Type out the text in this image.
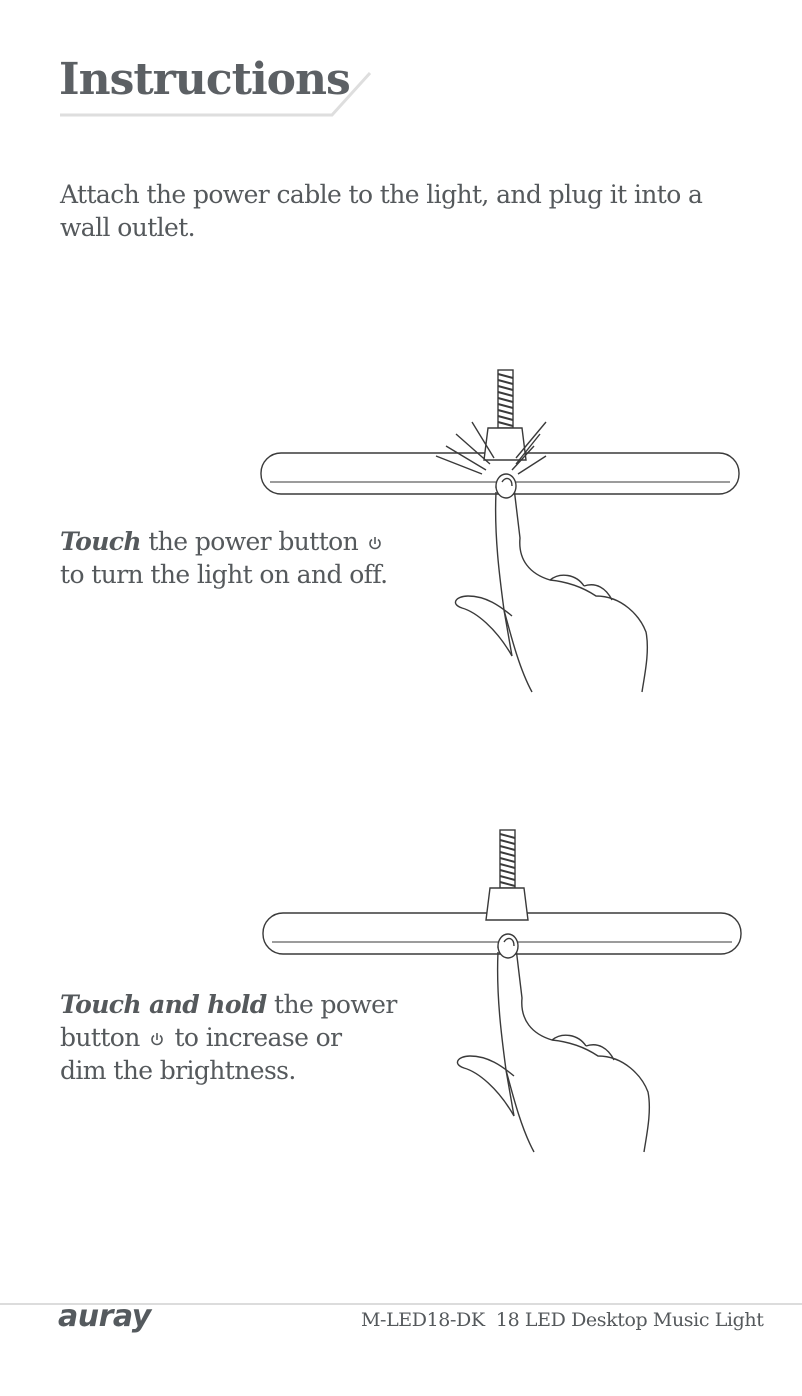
Instructions

Attach the power cable to the light, and plug it into a wall outlet.

Touch the power button
to turn the light on and off.

Touch and hold the power
button  to increase or
dim the brightness.

auray	M-LED18-DK 18 LED Desktop Music Light
